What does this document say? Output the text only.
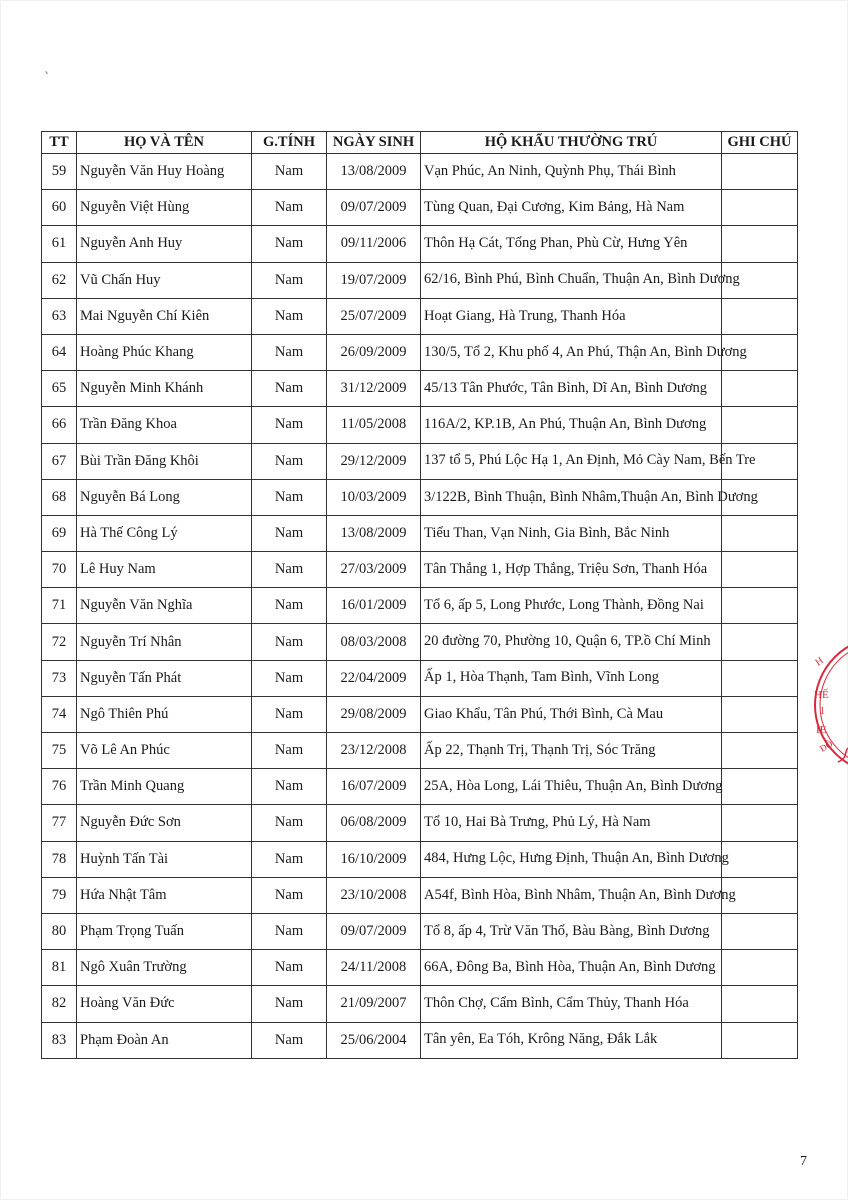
TT	HỌ VÀ TÊN	G.TÍNH	NGÀY SINH	HỘ KHẨU THƯỜNG TRÚ	GHI CHÚ
59	Nguyễn Văn Huy Hoàng	Nam	13/08/2009	Vạn Phúc, An Ninh, Quỳnh Phụ, Thái Bình	
60	Nguyễn Việt Hùng	Nam	09/07/2009	Tùng Quan, Đại Cương, Kim Bảng, Hà Nam	
61	Nguyễn Anh Huy	Nam	09/11/2006	Thôn Hạ Cát, Tống Phan, Phù Cừ, Hưng Yên	
62	Vũ Chấn Huy	Nam	19/07/2009	62/16, Bình Phú, Bình Chuẩn, Thuận An, Bình Dương	
63	Mai Nguyễn Chí Kiên	Nam	25/07/2009	Hoạt Giang, Hà Trung, Thanh Hóa	
64	Hoàng Phúc Khang	Nam	26/09/2009	130/5, Tổ 2, Khu phố 4, An Phú, Thận An, Bình Dương	
65	Nguyễn Minh Khánh	Nam	31/12/2009	45/13 Tân Phước, Tân Bình, Dĩ An, Bình Dương	
66	Trần Đăng Khoa	Nam	11/05/2008	116A/2, KP.1B, An Phú, Thuận An, Bình Dương	
67	Bùi Trần Đăng Khôi	Nam	29/12/2009	137 tổ 5, Phú Lộc Hạ 1, An Định, Mỏ Cày Nam, Bến Tre	
68	Nguyễn Bá Long	Nam	10/03/2009	3/122B, Bình Thuận, Bình Nhâm,Thuận An, Bình Dương	
69	Hà Thế Công Lý	Nam	13/08/2009	Tiểu Than, Vạn Ninh, Gia Bình, Bắc Ninh	
70	Lê Huy Nam	Nam	27/03/2009	Tân Thắng 1, Hợp Thắng, Triệu Sơn, Thanh Hóa	
71	Nguyễn Văn Nghĩa	Nam	16/01/2009	Tổ 6, ấp 5, Long Phước, Long Thành, Đồng Nai	
72	Nguyễn Trí Nhân	Nam	08/03/2008	20 đường 70, Phường 10, Quận 6, TP.ồ Chí Minh	
73	Nguyễn Tấn Phát	Nam	22/04/2009	Ấp 1, Hòa Thạnh, Tam Bình, Vĩnh Long	
74	Ngô Thiên Phú	Nam	29/08/2009	Giao Khẩu, Tân Phú, Thới Bình, Cà Mau	
75	Võ Lê An Phúc	Nam	23/12/2008	Ấp 22, Thạnh Trị, Thạnh Trị, Sóc Trăng	
76	Trần Minh Quang	Nam	16/07/2009	25A, Hòa Long, Lái Thiêu, Thuận An, Bình Dương	
77	Nguyễn Đức Sơn	Nam	06/08/2009	Tổ 10, Hai Bà Trưng, Phủ Lý, Hà Nam	
78	Huỳnh Tấn Tài	Nam	16/10/2009	484, Hưng Lộc, Hưng Định, Thuận An, Bình Dương	
79	Hứa Nhật Tâm	Nam	23/10/2008	A54f, Bình Hòa, Bình Nhâm, Thuận An, Bình Dương	
80	Phạm Trọng Tuấn	Nam	09/07/2009	Tổ 8, ấp 4, Trừ Văn Thố, Bàu Bàng, Bình Dương	
81	Ngô Xuân Trường	Nam	24/11/2008	66A, Đông Ba, Bình Hòa, Thuận An, Bình Dương	
82	Hoàng Văn Đức	Nam	21/09/2007	Thôn Chợ, Cẩm Bình, Cẩm Thủy, Thanh Hóa	
83	Phạm Đoàn An	Nam	25/06/2004	Tân yên, Ea Tóh, Krông Năng, Đắk Lắk	
H
HẾ
1
IE
ĐÔ
7
